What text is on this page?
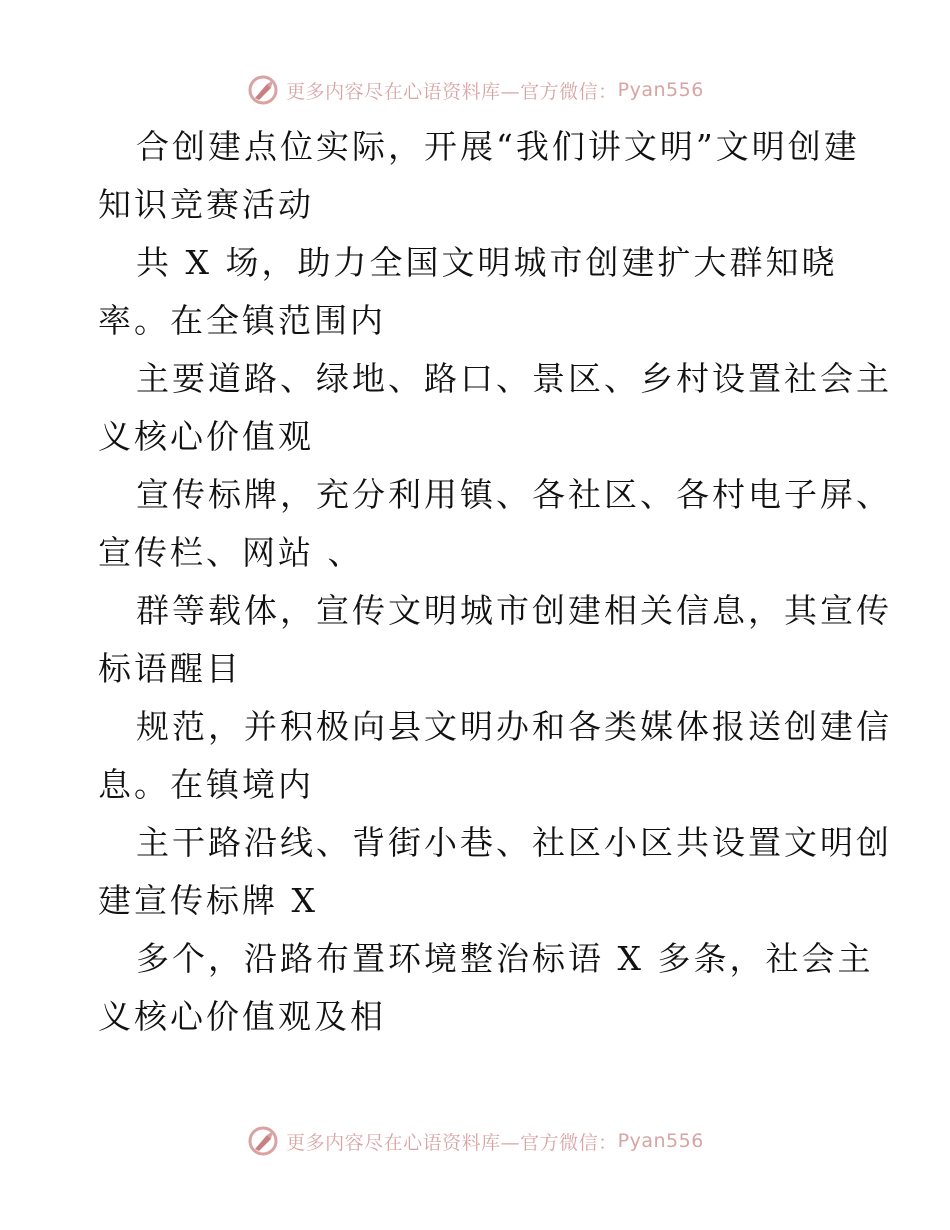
更多内容尽在心语资料库—官方微信： Pyan556
合创建点位实际，开展“我们讲文明”文明创建
知识竞赛活动
共 X 场，助力全国文明城市创建扩大群知晓
率。在全镇范围内
主要道路、绿地、路口、景区、乡村设置社会主
义核心价值观
宣传标牌，充分利用镇、各社区、各村电子屏、
宣传栏、网站 、
群等载体，宣传文明城市创建相关信息，其宣传
标语醒目
规范，并积极向县文明办和各类媒体报送创建信
息。在镇境内
主干路沿线、背街小巷、社区小区共设置文明创
建宣传标牌 X
多个，沿路布置环境整治标语 X 多条，社会主
义核心价值观及相
更多内容尽在心语资料库—官方微信： Pyan556
